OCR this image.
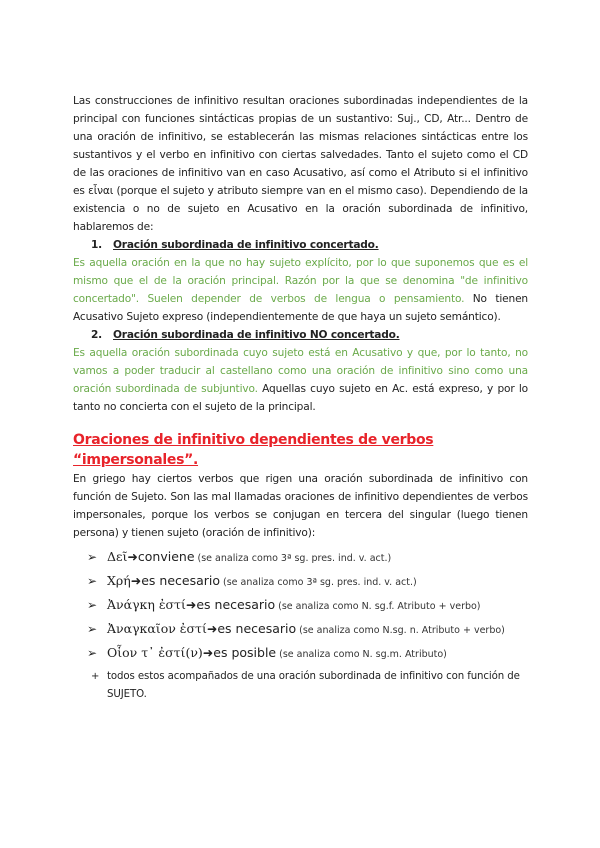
Las construcciones de infinitivo resultan oraciones subordinadas independientes de la principal con funciones sintácticas propias de un sustantivo: Suj., CD, Atr... Dentro de una oración de infinitivo, se establecerán las mismas relaciones sintácticas entre los sustantivos y el verbo en infinitivo con ciertas salvedades. Tanto el sujeto como el CD de las oraciones de infinitivo van en caso Acusativo, así como el Atributo si el infinitivo es εἶναι (porque el sujeto y atributo siempre van en el mismo caso). Dependiendo de la existencia o no de sujeto en Acusativo en la oración subordinada de infinitivo, hablaremos de:

1.	Oración subordinada de infinitivo concertado.

Es aquella oración en la que no hay sujeto explícito, por lo que suponemos que es el mismo que el de la oración principal. Razón por la que se denomina "de infinitivo concertado". Suelen depender de verbos de lengua o pensamiento. No tienen Acusativo Sujeto expreso (independientemente de que haya un sujeto semántico).

2.	Oración subordinada de infinitivo NO concertado.

Es aquella oración subordinada cuyo sujeto está en Acusativo y que, por lo tanto, no vamos a poder traducir al castellano como una oración de infinitivo sino como una oración subordinada de subjuntivo. Aquellas cuyo sujeto en Ac. está expreso, y por lo tanto no concierta con el sujeto de la principal.

Oraciones de infinitivo dependientes de verbos “impersonales”.

En griego hay ciertos verbos que rigen una oración subordinada de infinitivo con función de Sujeto. Son las mal llamadas oraciones de infinitivo dependientes de verbos impersonales, porque los verbos se conjugan en tercera del singular (luego tienen persona) y tienen sujeto (oración de infinitivo):

➢ Δεῖ ➜ conviene (se analiza como 3ª sg. pres. ind. v. act.)
➢ Χρή ➜ es necesario (se analiza como 3ª sg. pres. ind. v. act.)
➢ Ἀνάγκη ἐστί ➜ es necesario (se analiza como N. sg.f. Atributo + verbo)
➢ Ἀναγκαῖον ἐστί ➜ es necesario (se analiza como N.sg. n. Atributo + verbo)
➢ Οἷον τ᾽ ἐστί(ν) ➜ es posible (se analiza como N. sg.m. Atributo)
+ todos estos acompañados de una oración subordinada de infinitivo con función de SUJETO.
